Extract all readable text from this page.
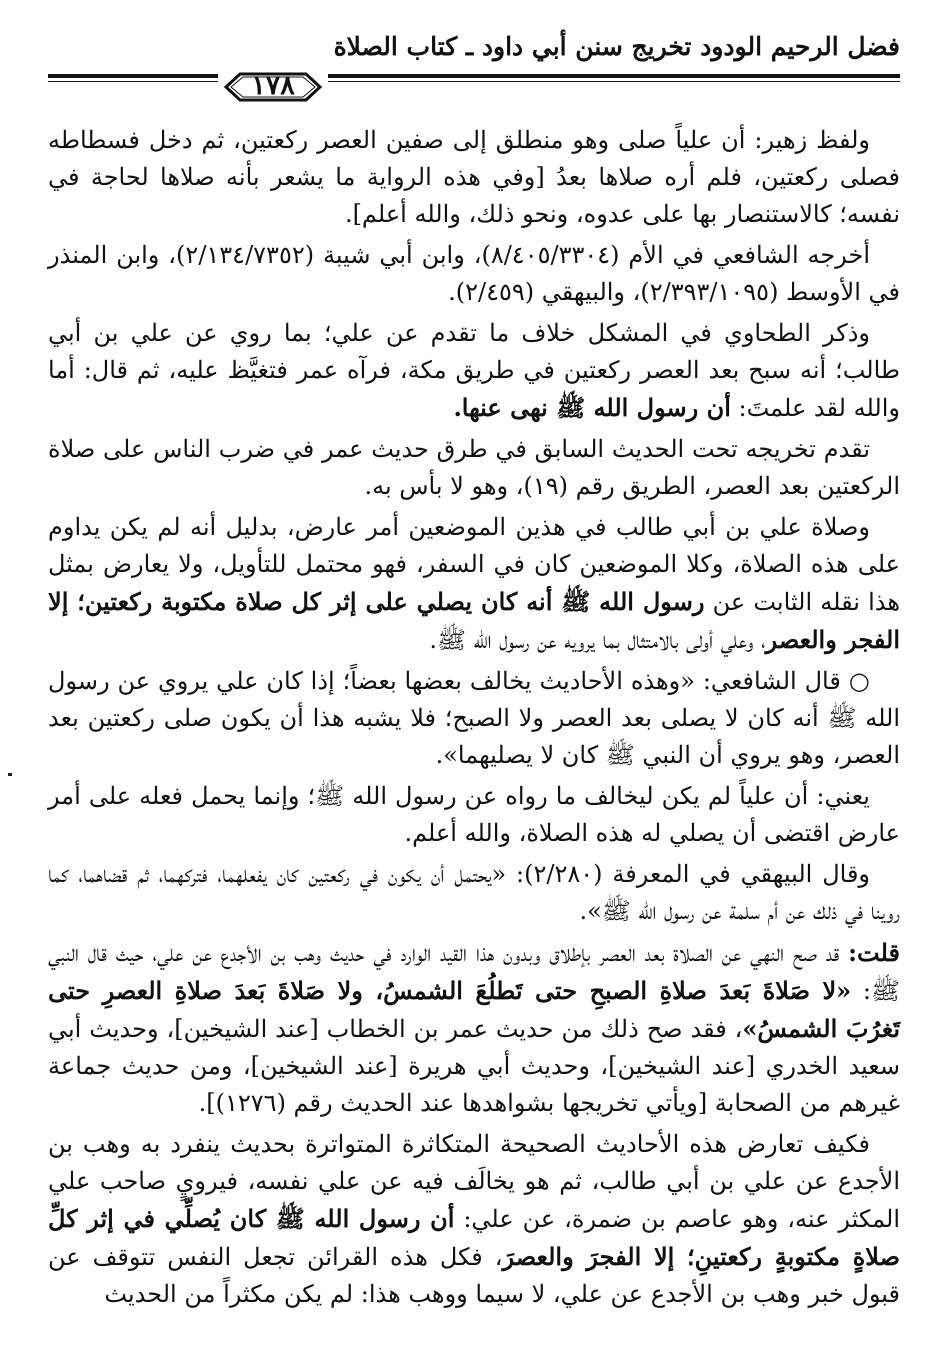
فضل الرحيم الودود تخريج سنن أبي داود ـ كتاب الصلاة
١٧٨

ولفظ زهير: أن علياً صلى وهو منطلق إلى صفين العصر ركعتين، ثم دخل فسطاطه فصلى ركعتين، فلم أره صلاها بعدُ [وفي هذه الرواية ما يشعر بأنه صلاها لحاجة في نفسه؛ كالاستنصار بها على عدوه، ونحو ذلك، والله أعلم].

أخرجه الشافعي في الأم (٨/٤٠٥/٣٣٠٤)، وابن أبي شيبة (٢/١٣٤/٧٣٥٢)، وابن المنذر في الأوسط (٢/٣٩٣/١٠٩٥)، والبيهقي (٢/٤٥٩).

وذكر الطحاوي في المشكل خلاف ما تقدم عن علي؛ بما روي عن علي بن أبي طالب؛ أنه سبح بعد العصر ركعتين في طريق مكة، فرآه عمر فتغيَّظ عليه، ثم قال: أما والله لقد علمتَ: أن رسول الله ﷺ نهى عنها.

تقدم تخريجه تحت الحديث السابق في طرق حديث عمر في ضرب الناس على صلاة الركعتين بعد العصر، الطريق رقم (١٩)، وهو لا بأس به.

وصلاة علي بن أبي طالب في هذين الموضعين أمر عارض، بدليل أنه لم يكن يداوم على هذه الصلاة، وكلا الموضعين كان في السفر، فهو محتمل للتأويل، ولا يعارض بمثل هذا نقله الثابت عن رسول الله ﷺ أنه كان يصلي على إثر كل صلاة مكتوبة ركعتين؛ إلا الفجر والعصر، وعلي أولى بالامتثال بما يرويه عن رسول الله ﷺ.

○ قال الشافعي: «وهذه الأحاديث يخالف بعضها بعضاً؛ إذا كان علي يروي عن رسول الله ﷺ أنه كان لا يصلى بعد العصر ولا الصبح؛ فلا يشبه هذا أن يكون صلى ركعتين بعد العصر، وهو يروي أن النبي ﷺ كان لا يصليهما».

يعني: أن علياً لم يكن ليخالف ما رواه عن رسول الله ﷺ؛ وإنما يحمل فعله على أمر عارض اقتضى أن يصلي له هذه الصلاة، والله أعلم.

وقال البيهقي في المعرفة (٢/٢٨٠): «يحتمل أن يكون في ركعتين كان يفعلهما، فتركهما، ثم قضاهما، كما روينا في ذلك عن أم سلمة عن رسول الله ﷺ».

قلت: قد صح النهي عن الصلاة بعد العصر بإطلاق وبدون هذا القيد الوارد في حديث وهب بن الأجدع عن علي، حيث قال النبي ﷺ: «لا صَلاةَ بَعدَ صلاةِ الصبحِ حتى تَطلُعَ الشمسُ، ولا صَلاةَ بَعدَ صلاةِ العصرِ حتى تَغرُبَ الشمسُ»، فقد صح ذلك من حديث عمر بن الخطاب [عند الشيخين]، وحديث أبي سعيد الخدري [عند الشيخين]، وحديث أبي هريرة [عند الشيخين]، ومن حديث جماعة غيرهم من الصحابة [ويأتي تخريجها بشواهدها عند الحديث رقم (١٢٧٦)].

فكيف تعارض هذه الأحاديث الصحيحة المتكاثرة المتواترة بحديث ينفرد به وهب بن الأجدع عن علي بن أبي طالب، ثم هو يخالَف فيه عن علي نفسه، فيرويٍ صاحب علي المكثر عنه، وهو عاصم بن ضمرة، عن علي: أن رسول الله ﷺ كان يُصلِّي في إثر كلِّ صلاةٍ مكتوبةٍ ركعتينِ؛ إلا الفجرَ والعصرَ، فكل هذه القرائن تجعل النفس تتوقف عن قبول خبر وهب بن الأجدع عن علي، لا سيما ووهب هذا: لم يكن مكثراً من الحديث
